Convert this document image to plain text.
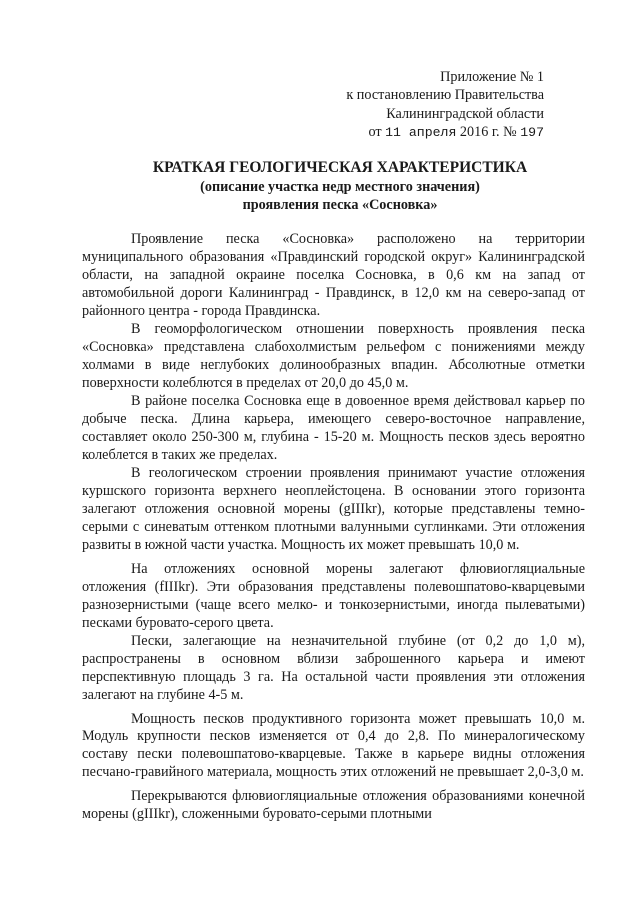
Приложение № 1
к постановлению Правительства
Калининградской области
от 11 апреля 2016 г. № 197
КРАТКАЯ ГЕОЛОГИЧЕСКАЯ ХАРАКТЕРИСТИКА
(описание участка недр местного значения)
проявления песка «Сосновка»

Проявление песка «Сосновка» расположено на территории муниципального образования «Правдинский городской округ» Калининградской области, на западной окраине поселка Сосновка, в 0,6 км на запад от автомобильной дороги Калининград - Правдинск, в 12,0 км на северо-запад от районного центра - города Правдинска.

В геоморфологическом отношении поверхность проявления песка «Сосновка» представлена слабохолмистым рельефом с понижениями между холмами в виде неглубоких долинообразных впадин. Абсолютные отметки поверхности колеблются в пределах от 20,0 до 45,0 м.

В районе поселка Сосновка еще в довоенное время действовал карьер по добыче песка. Длина карьера, имеющего северо-восточное направление, составляет около 250-300 м, глубина - 15-20 м. Мощность песков здесь вероятно колеблется в таких же пределах.

В геологическом строении проявления принимают участие отложения куршского горизонта верхнего неоплейстоцена. В основании этого горизонта залегают отложения основной морены (gIIIkr), которые представлены темно-серыми с синеватым оттенком плотными валунными суглинками. Эти отложения развиты в южной части участка. Мощность их может превышать 10,0 м.

На отложениях основной морены залегают флювиогляциальные отложения (fIIIkr). Эти образования представлены полевошпатово-кварцевыми разнозернистыми (чаще всего мелко- и тонкозернистыми, иногда пылеватыми) песками буровато-серого цвета.

Пески, залегающие на незначительной глубине (от 0,2 до 1,0 м), распространены в основном вблизи заброшенного карьера и имеют перспективную площадь 3 га. На остальной части проявления эти отложения залегают на глубине 4-5 м.

Мощность песков продуктивного горизонта может превышать 10,0 м. Модуль крупности песков изменяется от 0,4 до 2,8. По минералогическому составу пески полевошпатово-кварцевые. Также в карьере видны отложения песчано-гравийного материала, мощность этих отложений не превышает 2,0-3,0 м.

Перекрываются флювиогляциальные отложения образованиями конечной морены (gIIIkr), сложенными буровато-серыми плотными
